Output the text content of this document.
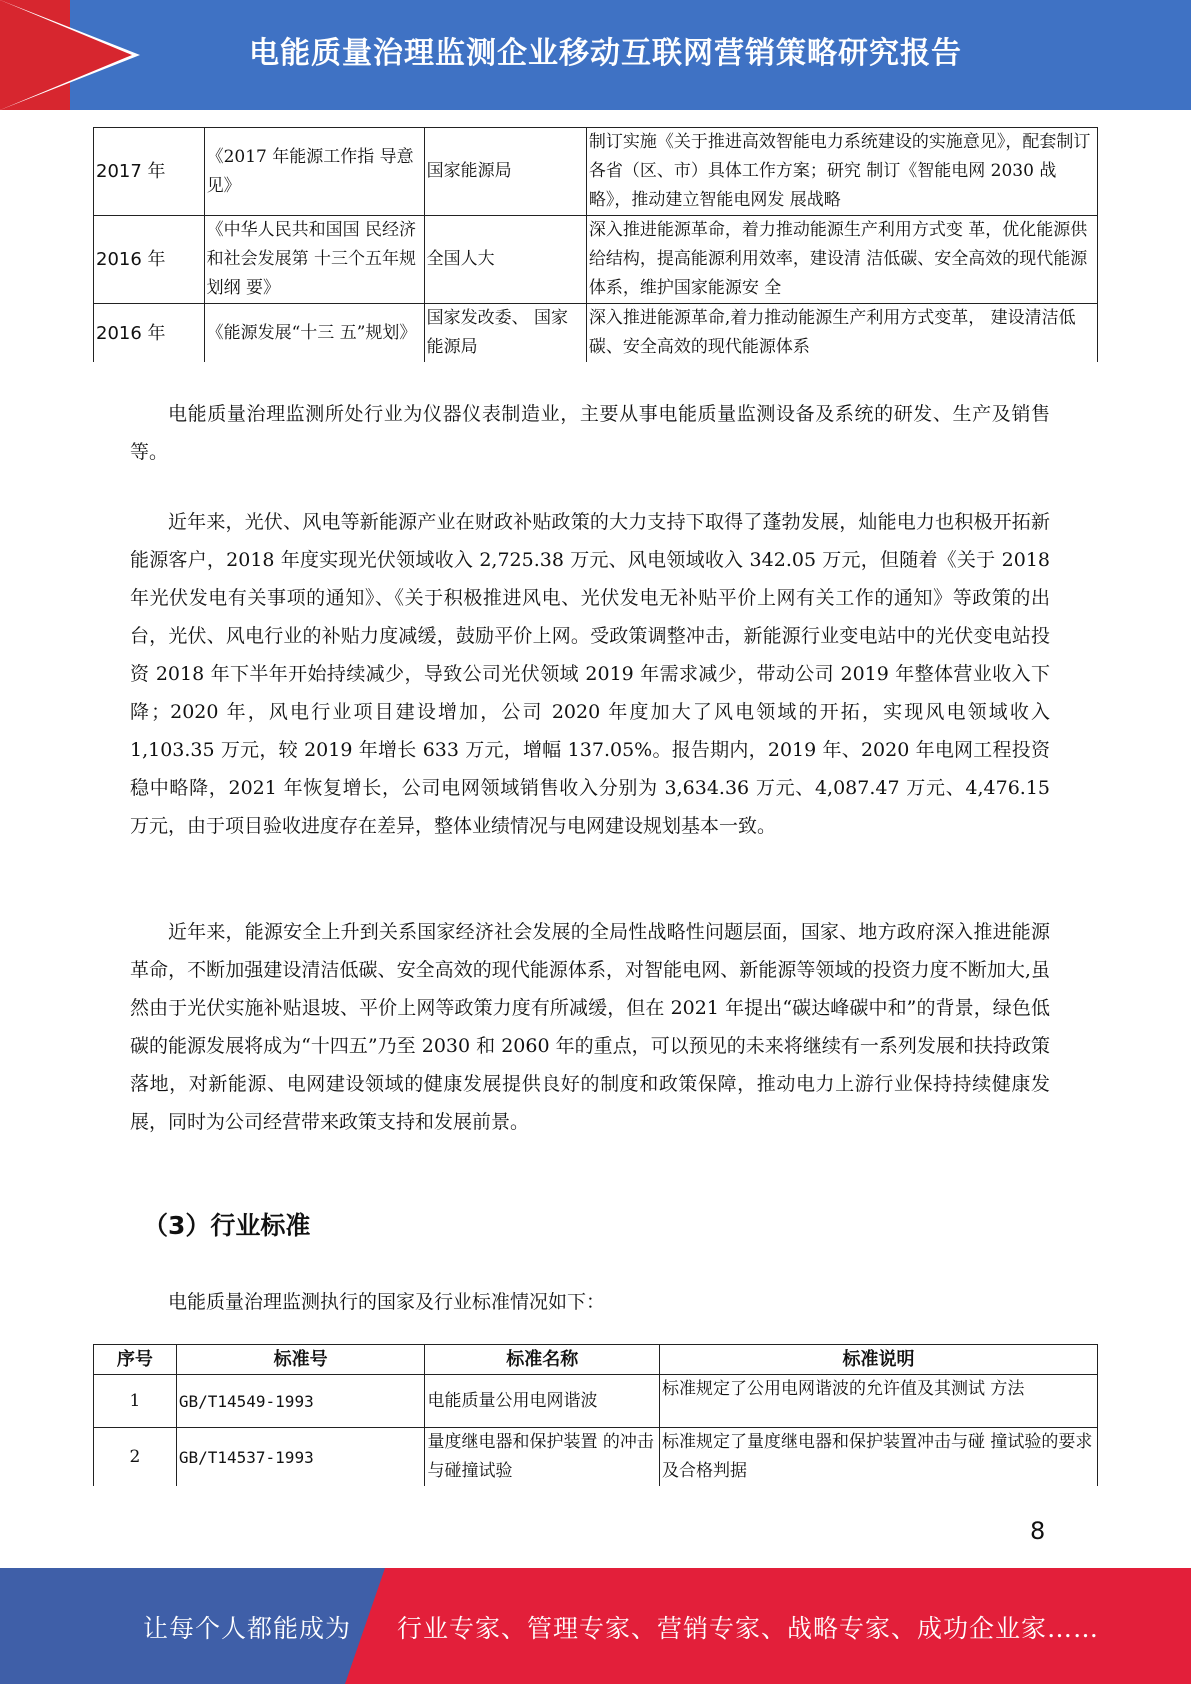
电能质量治理监测企业移动互联网营销策略研究报告
2017 年	《2017 年能源工作指 导意见》	国家能源局	制订实施《关于推进高效智能电力系统建设的实施意见》，配套制订各省（区、市）具体工作方案；研究 制订《智能电网 2030 战略》，推动建立智能电网发 展战略
2016 年	《中华人民共和国国 民经济和社会发展第 十三个五年规划纲 要》	全国人大	深入推进能源革命，着力推动能源生产利用方式变 革，优化能源供给结构，提高能源利用效率，建设清 洁低碳、安全高效的现代能源体系，维护国家能源安 全
2016 年	《能源发展“十三 五”规划》	国家发改委、 国家能源局	深入推进能源革命,着力推动能源生产利用方式变革， 建设清洁低碳、安全高效的现代能源体系

电能质量治理监测所处行业为仪器仪表制造业，主要从事电能质量监测设备及系统的研发、生产及销售等。

近年来，光伏、风电等新能源产业在财政补贴政策的大力支持下取得了蓬勃发展，灿能电力也积极开拓新能源客户，2018 年度实现光伏领域收入 2,725.38 万元、风电领域收入 342.05 万元，但随着《关于 2018 年光伏发电有关事项的通知》、《关于积极推进风电、光伏发电无补贴平价上网有关工作的通知》等政策的出台，光伏、风电行业的补贴力度减缓，鼓励平价上网。受政策调整冲击，新能源行业变电站中的光伏变电站投资 2018 年下半年开始持续减少，导致公司光伏领域 2019 年需求减少，带动公司 2019 年整体营业收入下降；2020 年，风电行业项目建设增加，公司 2020 年度加大了风电领域的开拓，实现风电领域收入 1,103.35 万元，较 2019 年增长 633 万元，增幅 137.05%。报告期内，2019 年、2020 年电网工程投资稳中略降，2021 年恢复增长，公司电网领域销售收入分别为 3,634.36 万元、4,087.47 万元、4,476.15 万元，由于项目验收进度存在差异，整体业绩情况与电网建设规划基本一致。

近年来，能源安全上升到关系国家经济社会发展的全局性战略性问题层面，国家、地方政府深入推进能源革命，不断加强建设清洁低碳、安全高效的现代能源体系，对智能电网、新能源等领域的投资力度不断加大,虽然由于光伏实施补贴退坡、平价上网等政策力度有所减缓，但在 2021 年提出“碳达峰碳中和”的背景，绿色低碳的能源发展将成为“十四五”乃至 2030 和 2060 年的重点，可以预见的未来将继续有一系列发展和扶持政策落地，对新能源、电网建设领域的健康发展提供良好的制度和政策保障，推动电力上游行业保持持续健康发展，同时为公司经营带来政策支持和发展前景。

（3）行业标准

电能质量治理监测执行的国家及行业标准情况如下：

序号	标准号	标准名称	标准说明
1	GB/T14549-1993	电能质量公用电网谐波	标准规定了公用电网谐波的允许值及其测试 方法
2	GB/T14537-1993	量度继电器和保护装置 的冲击与碰撞试验	标准规定了量度继电器和保护装置冲击与碰 撞试验的要求及合格判据
8
让每个人都能成为 行业专家、管理专家、营销专家、战略专家、成功企业家……
